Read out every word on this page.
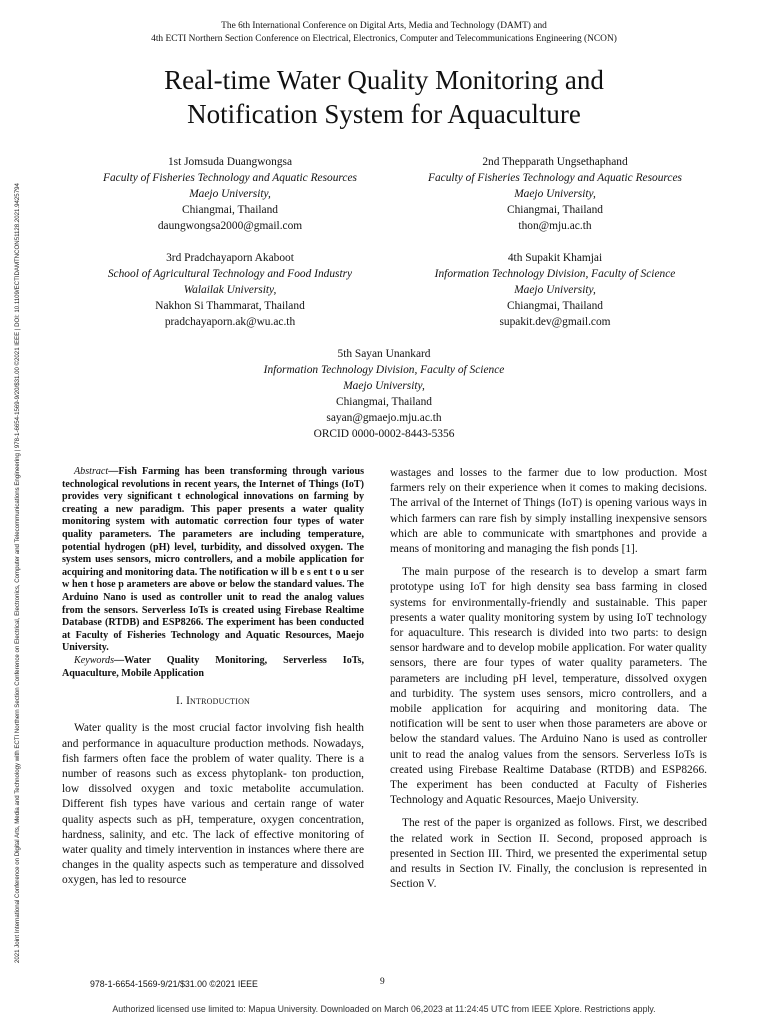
2021 Joint International Conference on Digital Arts, Media and Technology with ECTI Northern Section Conference on Electrical, Electronics, Computer and Telecommunications Engineering | 978-1-6654-1569-9/20/$31.00 ©2021 IEEE | DOI: 10.1109/ECTIDAMTNCON51128.2021.9425794
The 6th International Conference on Digital Arts, Media and Technology (DAMT) and
4th ECTI Northern Section Conference on Electrical, Electronics, Computer and Telecommunications Engineering (NCON)
Real-time Water Quality Monitoring and
Notification System for Aquaculture
1st Jomsuda Duangwongsa
Faculty of Fisheries Technology and Aquatic Resources
Maejo University,
Chiangmai, Thailand
daungwongsa2000@gmail.com
2nd Thepparath Ungsethaphand
Faculty of Fisheries Technology and Aquatic Resources
Maejo University,
Chiangmai, Thailand
thon@mju.ac.th
3rd Pradchayaporn Akaboot
School of Agricultural Technology and Food Industry
Walailak University,
Nakhon Si Thammarat, Thailand
pradchayaporn.ak@wu.ac.th
4th Supakit Khamjai
Information Technology Division, Faculty of Science
Maejo University,
Chiangmai, Thailand
supakit.dev@gmail.com
5th Sayan Unankard
Information Technology Division, Faculty of Science
Maejo University,
Chiangmai, Thailand
sayan@gmaejo.mju.ac.th
ORCID 0000-0002-8443-5356

Abstract—Fish Farming has been transforming through various technological revolutions in recent years, the Internet of Things (IoT) provides very significant t echnological innovations on farming by creating a new paradigm. This paper presents a water quality monitoring system with automatic correction four types of water quality parameters. The parameters are including temperature, potential hydrogen (pH) level, turbidity, and dissolved oxygen. The system uses sensors, micro controllers, and a mobile application for acquiring and monitoring data. The notification w ill b e s ent t o u ser w hen t hose p arameters are above or below the standard values. The Arduino Nano is used as controller unit to read the analog values from the sensors. Serverless IoTs is created using Firebase Realtime Database (RTDB) and ESP8266. The experiment has been conducted at Faculty of Fisheries Technology and Aquatic Resources, Maejo University.

Keywords—Water Quality Monitoring, Serverless IoTs, Aquaculture, Mobile Application

I. Introduction

Water quality is the most crucial factor involving fish health and performance in aquaculture production methods. Nowadays, fish farmers often face the problem of water quality. There is a number of reasons such as excess phytoplank- ton production, low dissolved oxygen and toxic metabolite accumulation. Different fish types have various and certain range of water quality aspects such as pH, temperature, oxygen concentration, hardness, salinity, and etc. The lack of effective monitoring of water quality and timely intervention in instances where there are changes in the quality aspects such as temperature and dissolved oxygen, has led to resource

wastages and losses to the farmer due to low production. Most farmers rely on their experience when it comes to making decisions. The arrival of the Internet of Things (IoT) is opening various ways in which farmers can rare fish by simply installing inexpensive sensors which are able to communicate with smartphones and provide a means of monitoring and managing the fish ponds [1].

The main purpose of the research is to develop a smart farm prototype using IoT for high density sea bass farming in closed systems for environmentally-friendly and sustainable. This paper presents a water quality monitoring system by using IoT technology for aquaculture. This research is divided into two parts: to design sensor hardware and to develop mobile application. For water quality sensors, there are four types of water quality parameters. The parameters are including pH level, temperature, dissolved oxygen and turbidity. The system uses sensors, micro controllers, and a mobile application for acquiring and monitoring data. The notification will be sent to user when those parameters are above or below the standard values. The Arduino Nano is used as controller unit to read the analog values from the sensors. Serverless IoTs is created using Firebase Realtime Database (RTDB) and ESP8266. The experiment has been conducted at Faculty of Fisheries Technology and Aquatic Resources, Maejo University.

The rest of the paper is organized as follows. First, we described the related work in Section II. Second, proposed approach is presented in Section III. Third, we presented the experimental setup and results in Section IV. Finally, the conclusion is represented in Section V.

978-1-6654-1569-9/21/$31.00 ©2021 IEEE	9
Authorized licensed use limited to: Mapua University. Downloaded on March 06,2023 at 11:24:45 UTC from IEEE Xplore. Restrictions apply.
